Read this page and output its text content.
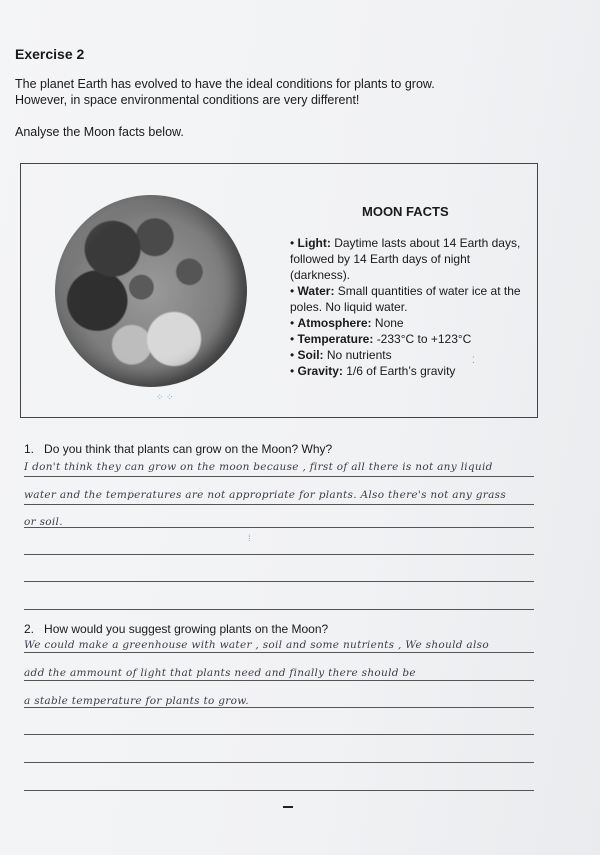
Exercise 2
The planet Earth has evolved to have the ideal conditions for plants to grow.
However, in space environmental conditions are very different!
Analyse the Moon facts below.
MOON FACTS
• Light: Daytime lasts about 14 Earth days, followed by 14 Earth days of night (darkness).
• Water: Small quantities of water ice at the poles. No liquid water.
• Atmosphere: None
• Temperature: -233°C to +123°C
• Soil: No nutrients
• Gravity: 1/6 of Earth’s gravity
⁘ ⁘
⁞
⁚
1. Do you think that plants can grow on the Moon? Why?
I don't think they can grow on the moon because , first of all there is not any liquid
water and the temperatures are not appropriate for plants. Also there's not any grass
or soil.
2. How would you suggest growing plants on the Moon?
We could make a greenhouse with water , soil and some nutrients , We should also
add the ammount of light that plants need and finally there should be
a stable temperature for plants to grow.
